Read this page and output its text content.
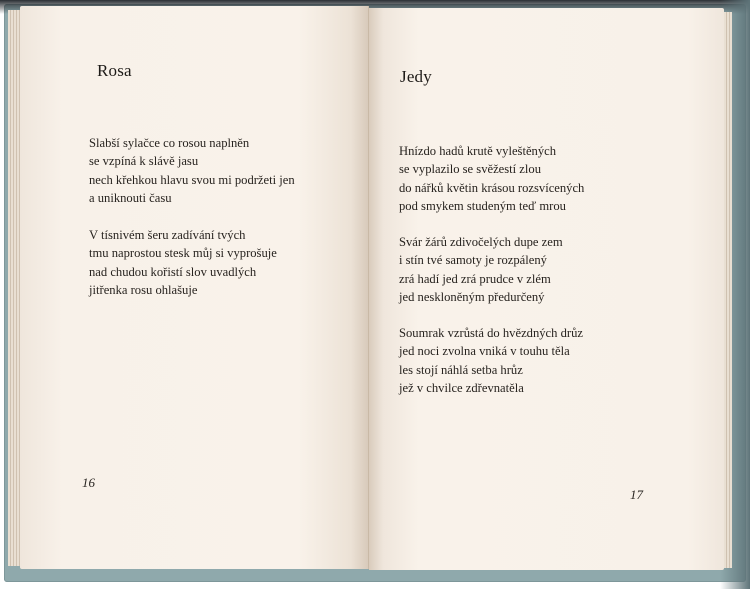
Rosa
Slabší sylačce co rosou naplněn
se vzpíná k slávě jasu
nech křehkou hlavu svou mi podržeti jen
a uniknouti času
V tísnivém šeru zadívání tvých
tmu naprostou stesk můj si vyprošuje
nad chudou kořistí slov uvadlých
jitřenka rosu ohlašuje
16
Jedy
Hnízdo hadů krutě vyleštěných
se vyplazilo se svěžestí zlou
do nářků květin krásou rozsvícených
pod smykem studeným teď mrou
Svár žárů zdivočelých dupe zem
i stín tvé samoty je rozpálený
zrá hadí jed zrá prudce v zlém
jed neskloněným předurčený
Soumrak vzrůstá do hvězdných drůz
jed noci zvolna vniká v touhu těla
les stojí náhlá setba hrůz
jež v chvilce zdřevnatěla
17
